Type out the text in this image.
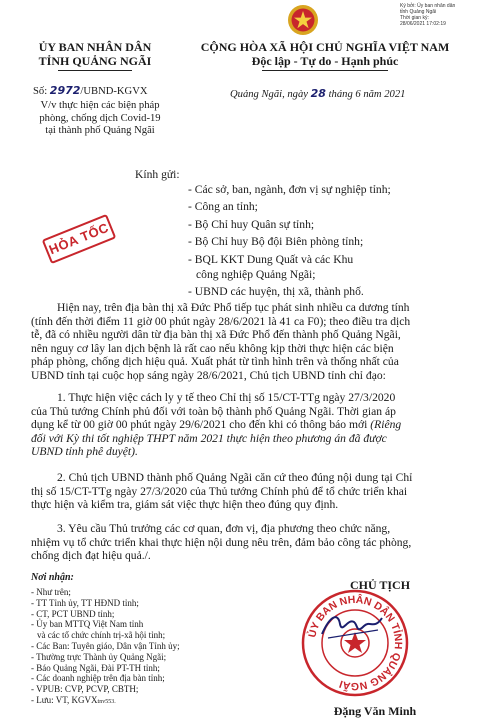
Ký bởi: Ủy ban nhân dân
tỉnh Quảng Ngãi
Thời gian ký:
28/06/2021 17:02:19
ỦY BAN NHÂN DÂN
TỈNH QUẢNG NGÃI
CỘNG HÒA XÃ HỘI CHỦ NGHĨA VIỆT NAM
Độc lập - Tự do - Hạnh phúc
Số: 2972/UBND-KGVX
V/v thực hiện các biện pháp
phòng, chống dịch Covid-19
tại thành phố Quảng Ngãi
Quảng Ngãi, ngày 28 tháng 6 năm 2021
Kính gửi:
- Các sở, ban, ngành, đơn vị sự nghiệp tỉnh;
- Công an tỉnh;
- Bộ Chỉ huy Quân sự tỉnh;
- Bộ Chỉ huy Bộ đội Biên phòng tỉnh;
- BQL KKT Dung Quất và các Khu
công nghiệp Quảng Ngãi;
- UBND các huyện, thị xã, thành phố.
HỎA TỐC
Hiện nay, trên địa bàn thị xã Đức Phổ tiếp tục phát sinh nhiều ca dương tính
(tính đến thời điểm 11 giờ 00 phút ngày 28/6/2021 là 41 ca F0); theo điều tra dịch
tễ, đã có nhiều người dân từ địa bàn thị xã Đức Phổ đến thành phố Quảng Ngãi,
nên nguy cơ lây lan dịch bệnh là rất cao nếu không kịp thời thực hiện các biện
pháp phòng, chống dịch hiệu quả. Xuất phát từ tình hình trên và thống nhất của
UBND tỉnh tại cuộc họp sáng ngày 28/6/2021, Chủ tịch UBND tỉnh chỉ đạo:
1. Thực hiện việc cách ly y tế theo Chỉ thị số 15/CT-TTg ngày 27/3/2020
của Thủ tướng Chính phủ đối với toàn bộ thành phố Quảng Ngãi. Thời gian áp
dụng kể từ 00 giờ 00 phút ngày 29/6/2021 cho đến khi có thông báo mới (Riêng
đối với Kỳ thi tốt nghiệp THPT năm 2021 thực hiện theo phương án đã được
UBND tỉnh phê duyệt).
2. Chủ tịch UBND thành phố Quảng Ngãi căn cứ theo đúng nội dung tại Chỉ
thị số 15/CT-TTg ngày 27/3/2020 của Thủ tướng Chính phủ để tổ chức triển khai
thực hiện và kiểm tra, giám sát việc thực hiện theo đúng quy định.
3. Yêu cầu Thủ trưởng các cơ quan, đơn vị, địa phương theo chức năng,
nhiệm vụ tổ chức triển khai thực hiện nội dung nêu trên, đảm bảo công tác phòng,
chống dịch đạt hiệu quả./.
Nơi nhận:
- Như trên;
- TT Tỉnh ủy, TT HĐND tỉnh;
- CT, PCT UBND tỉnh;
- Ủy ban MTTQ Việt Nam tỉnh
và các tổ chức chính trị-xã hội tỉnh;
- Các Ban: Tuyên giáo, Dân vận Tỉnh ủy;
- Thường trực Thành ủy Quảng Ngãi;
- Báo Quảng Ngãi, Đài PT-TH tỉnh;
- Các doanh nghiệp trên địa bàn tỉnh;
- VPUB: CVP, PCVP, CBTH;
- Lưu: VT, KGVXtnv553.
CHỦ TỊCH
ỦY BAN NHÂN DÂN TỈNH QUẢNG NGÃI
Đặng Văn Minh
